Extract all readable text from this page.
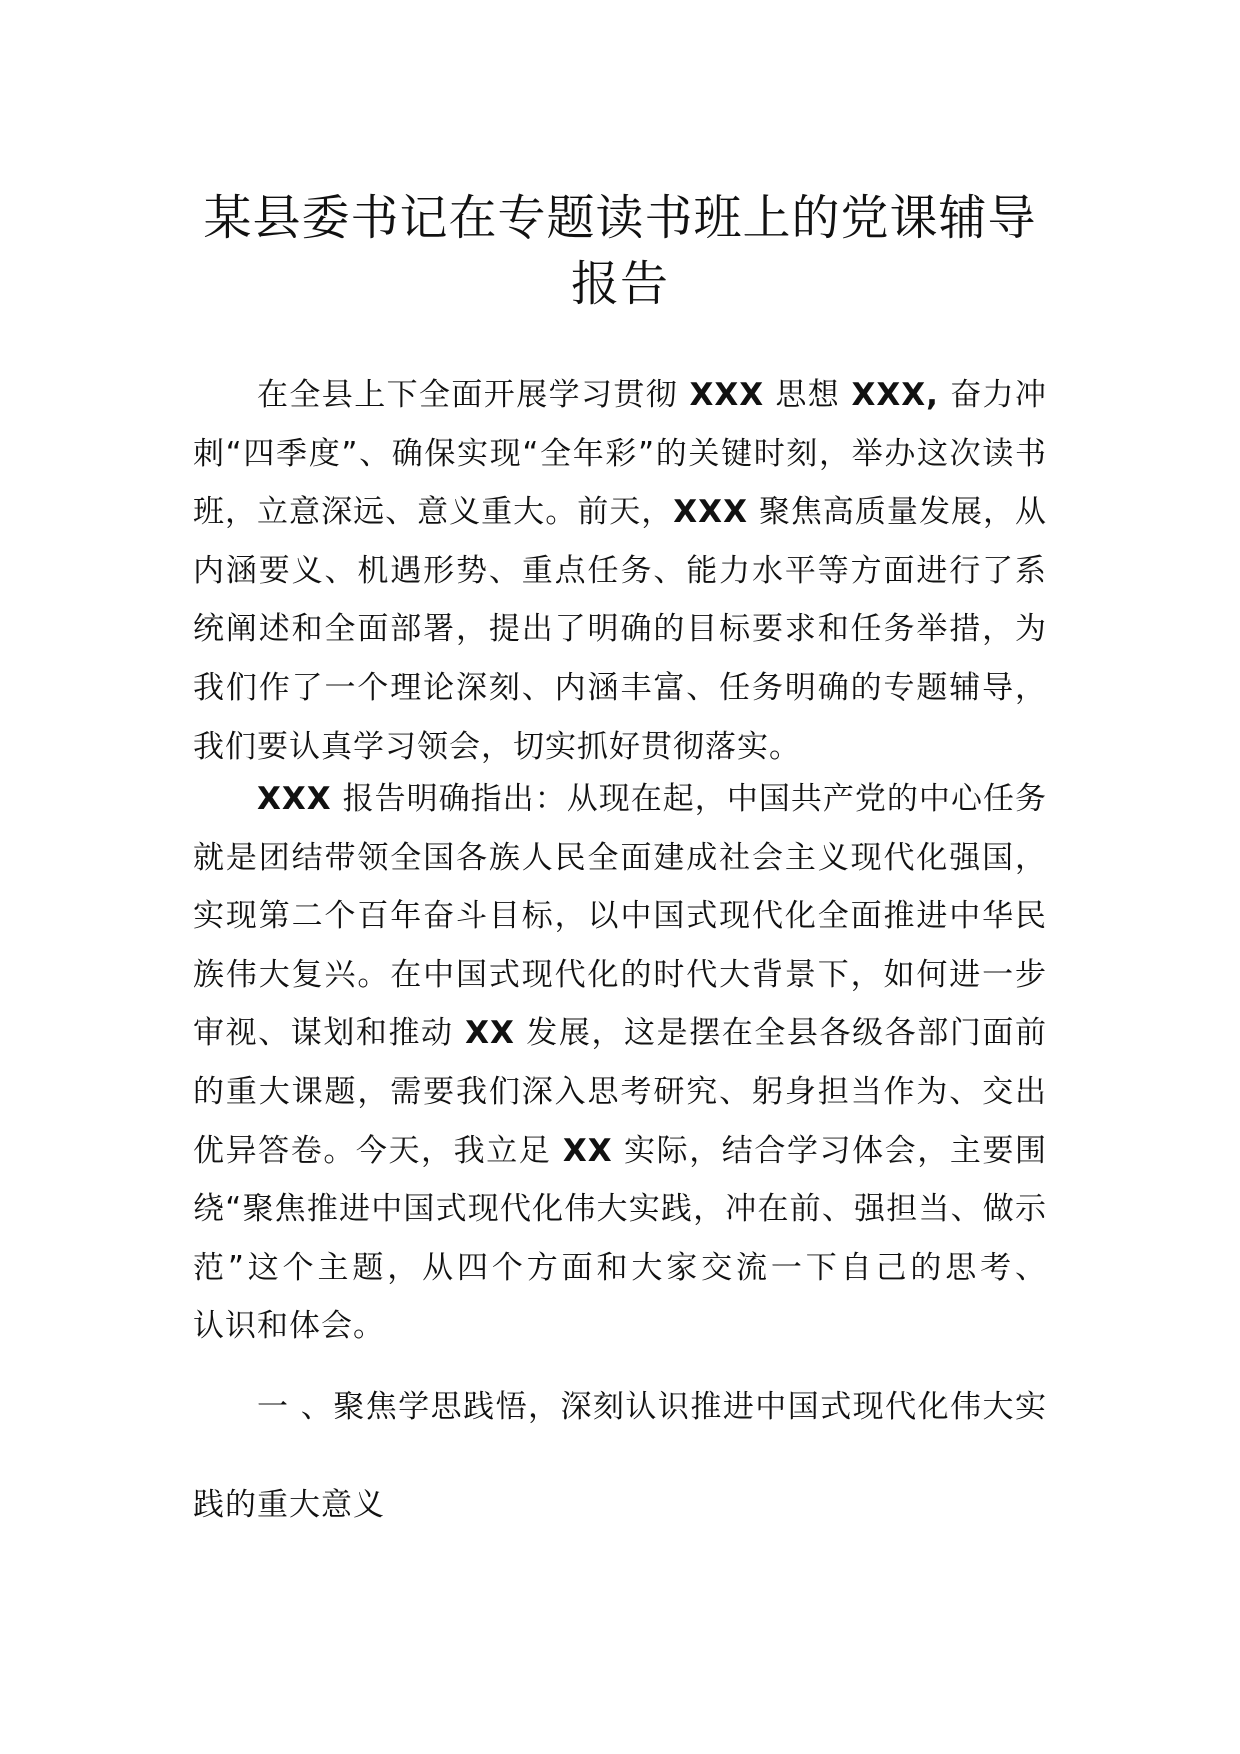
某县委书记在专题读书班上的党课辅导报告

在全县上下全面开展学习贯彻 XXX 思想 XXX, 奋力冲刺“四季度”、确保实现“全年彩”的关键时刻，举办这次读书班，立意深远、意义重大。前天，XXX 聚焦高质量发展，从内涵要义、机遇形势、重点任务、能力水平等方面进行了系统阐述和全面部署，提出了明确的目标要求和任务举措，为我们作了一个理论深刻、内涵丰富、任务明确的专题辅导，
我们要认真学习领会，切实抓好贯彻落实。

XXX 报告明确指出：从现在起，中国共产党的中心任务就是团结带领全国各族人民全面建成社会主义现代化强国，实现第二个百年奋斗目标，以中国式现代化全面推进中华民族伟大复兴。在中国式现代化的时代大背景下，如何进一步审视、谋划和推动 XX 发展，这是摆在全县各级各部门面前的重大课题，需要我们深入思考研究、躬身担当作为、交出优异答卷。今天，我立足 XX 实际，结合学习体会，主要围绕“聚焦推进中国式现代化伟大实践，冲在前、强担当、做示范”这个主题，从四个方面和大家交流一下自己的思考、
认识和体会。

一 、聚焦学思践悟，深刻认识推进中国式现代化伟大实
践的重大意义
